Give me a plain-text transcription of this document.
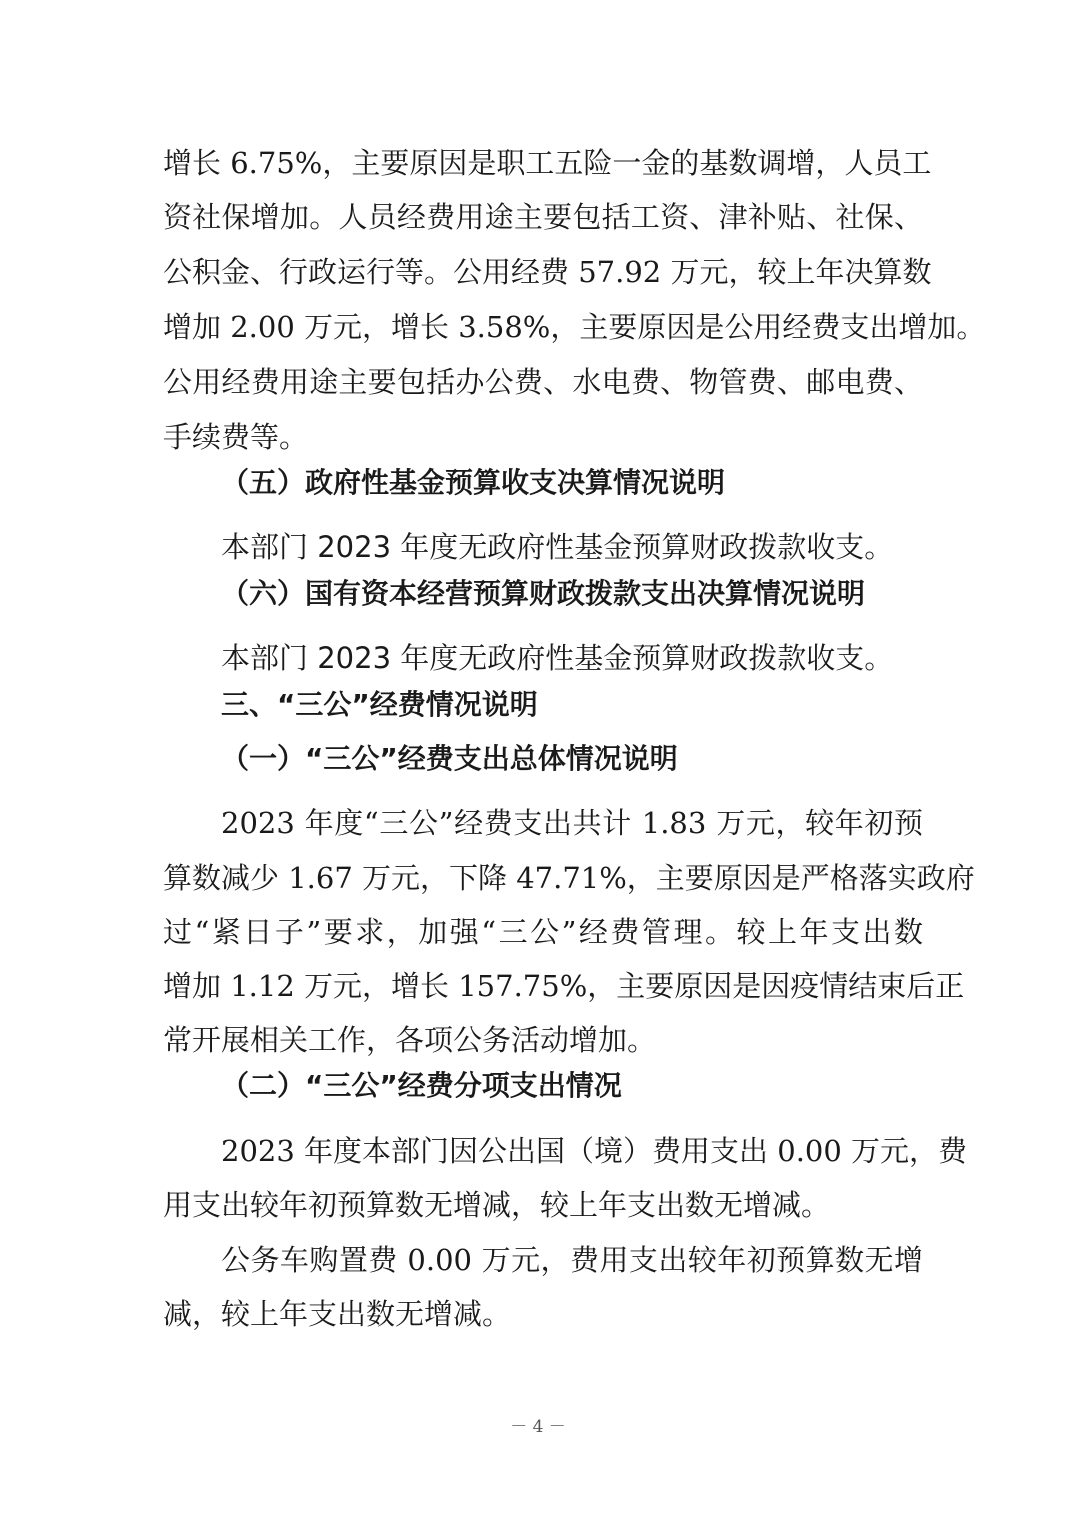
增长 6.75%，主要原因是职工五险一金的基数调增，人员工
资社保增加。人员经费用途主要包括工资、津补贴、社保、
公积金、行政运行等。公用经费 57.92 万元，较上年决算数
增加 2.00 万元，增长 3.58%，主要原因是公用经费支出增加。
公用经费用途主要包括办公费、水电费、物管费、邮电费、
手续费等。
（五）政府性基金预算收支决算情况说明
本部门 2023 年度无政府性基金预算财政拨款收支。
（六）国有资本经营预算财政拨款支出决算情况说明
本部门 2023 年度无政府性基金预算财政拨款收支。
三、“三公”经费情况说明
（一）“三公”经费支出总体情况说明
2023 年度“三公”经费支出共计 1.83 万元，较年初预
算数减少 1.67 万元，下降 47.71%，主要原因是严格落实政府
过“紧日子”要求，加强“三公”经费管理。较上年支出数
增加 1.12 万元，增长 157.75%，主要原因是因疫情结束后正
常开展相关工作，各项公务活动增加。
（二）“三公”经费分项支出情况
2023 年度本部门因公出国（境）费用支出 0.00 万元，费
用支出较年初预算数无增减，较上年支出数无增减。
公务车购置费 0.00 万元，费用支出较年初预算数无增
减，较上年支出数无增减。
－ 4 －
